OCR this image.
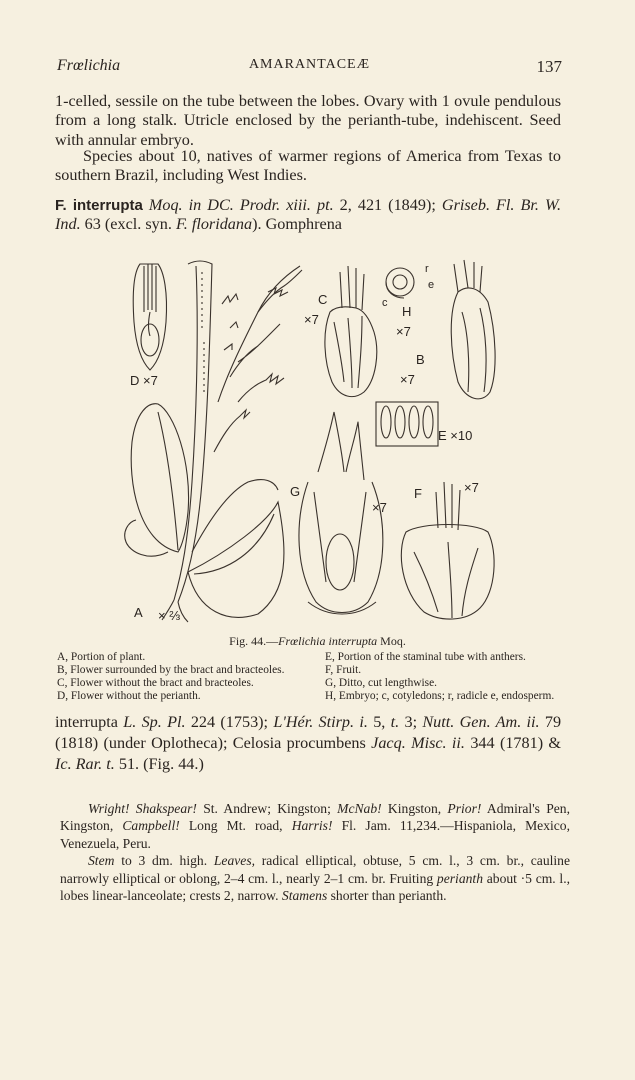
Frœlichia	AMARANTACEÆ	137
1-celled, sessile on the tube between the lobes. Ovary with 1 ovule pendulous from a long stalk. Utricle enclosed by the perianth-tube, indehiscent. Seed with annular embryo.
Species about 10, natives of warmer regions of America from Texas to southern Brazil, including West Indies.
F. interrupta Moq. in DC. Prodr. xiii. pt. 2, 421 (1849); Griseb. Fl. Br. W. Ind. 63 (excl. syn. F. floridana). Gomphrena
D ×7
A × ⅔
C
×7
r
e
c
H
×7
B
×7
E ×10
G
×7
F	×7
Fig. 44.—Frœlichia interrupta Moq.
A, Portion of plant.
B, Flower surrounded by the bract and bracteoles.
C, Flower without the bract and bracteoles.
D, Flower without the perianth.
E, Portion of the staminal tube with anthers.
F, Fruit.
G, Ditto, cut lengthwise.
H, Embryo; c, cotyledons; r, radicle e, endosperm.
interrupta L. Sp. Pl. 224 (1753); L'Hér. Stirp. i. 5, t. 3; Nutt. Gen. Am. ii. 79 (1818) (under Oplotheca); Celosia procumbens Jacq. Misc. ii. 344 (1781) & Ic. Rar. t. 51. (Fig. 44.)

Wright! Shakspear! St. Andrew; Kingston; McNab! Kingston, Prior! Admiral's Pen, Kingston, Campbell! Long Mt. road, Harris! Fl. Jam. 11,234.—Hispaniola, Mexico, Venezuela, Peru.

Stem to 3 dm. high. Leaves, radical elliptical, obtuse, 5 cm. l., 3 cm. br., cauline narrowly elliptical or oblong, 2–4 cm. l., nearly 2–1 cm. br. Fruiting perianth about ·5 cm. l., lobes linear-lanceolate; crests 2, narrow. Stamens shorter than perianth.
